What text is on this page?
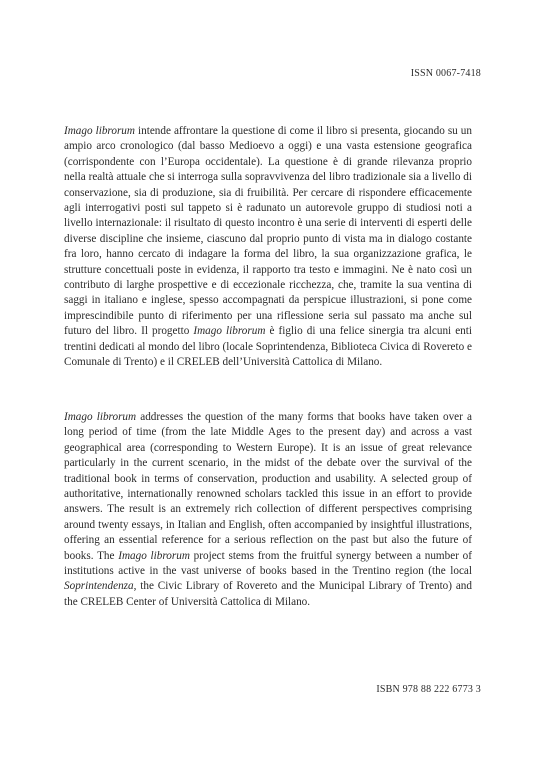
ISSN 0067-7418

Imago librorum intende affrontare la questione di come il libro si presenta, giocando su un ampio arco cronologico (dal basso Medioevo a oggi) e una vasta estensione geografica (corrispondente con l’Europa occidentale). La questione è di grande rilevanza proprio nella realtà attuale che si interroga sulla sopravvivenza del libro tradizionale sia a livello di conservazione, sia di produzione, sia di fruibilità. Per cercare di rispondere efficacemente agli interrogativi posti sul tappeto si è radunato un autorevole gruppo di studiosi noti a livello internazionale: il risultato di questo incontro è una serie di interventi di esperti delle diverse discipline che insieme, ciascuno dal proprio punto di vista ma in dialogo costante fra loro, hanno cercato di indagare la forma del libro, la sua organizzazione grafica, le strutture concettuali poste in evidenza, il rapporto tra testo e immagini. Ne è nato così un contributo di larghe prospettive e di eccezionale ricchezza, che, tramite la sua ventina di saggi in italiano e inglese, spesso accompagnati da perspicue illustrazioni, si pone come imprescindibile punto di riferimento per una riflessione seria sul passato ma anche sul futuro del libro. Il progetto Imago librorum è figlio di una felice sinergia tra alcuni enti trentini dedicati al mondo del libro (locale Soprintendenza, Biblioteca Civica di Rovereto e Comunale di Trento) e il CRELEB dell’Università Cattolica di Milano.

Imago librorum addresses the question of the many forms that books have taken over a long period of time (from the late Middle Ages to the present day) and across a vast geographical area (corresponding to Western Europe). It is an issue of great relevance particularly in the current scenario, in the midst of the debate over the survival of the traditional book in terms of conservation, production and usability. A selected group of authoritative, internationally renowned scholars tackled this issue in an effort to provide answers. The result is an extremely rich collection of different perspectives comprising around twenty essays, in Italian and English, often accompanied by insightful illustrations, offering an essential reference for a serious reflection on the past but also the future of books. The Imago librorum project stems from the fruitful synergy between a number of institutions active in the vast universe of books based in the Trentino region (the local Soprintendenza, the Civic Library of Rovereto and the Municipal Library of Trento) and the CRELEB Center of Università Cattolica di Milano.

ISBN 978 88 222 6773 3
